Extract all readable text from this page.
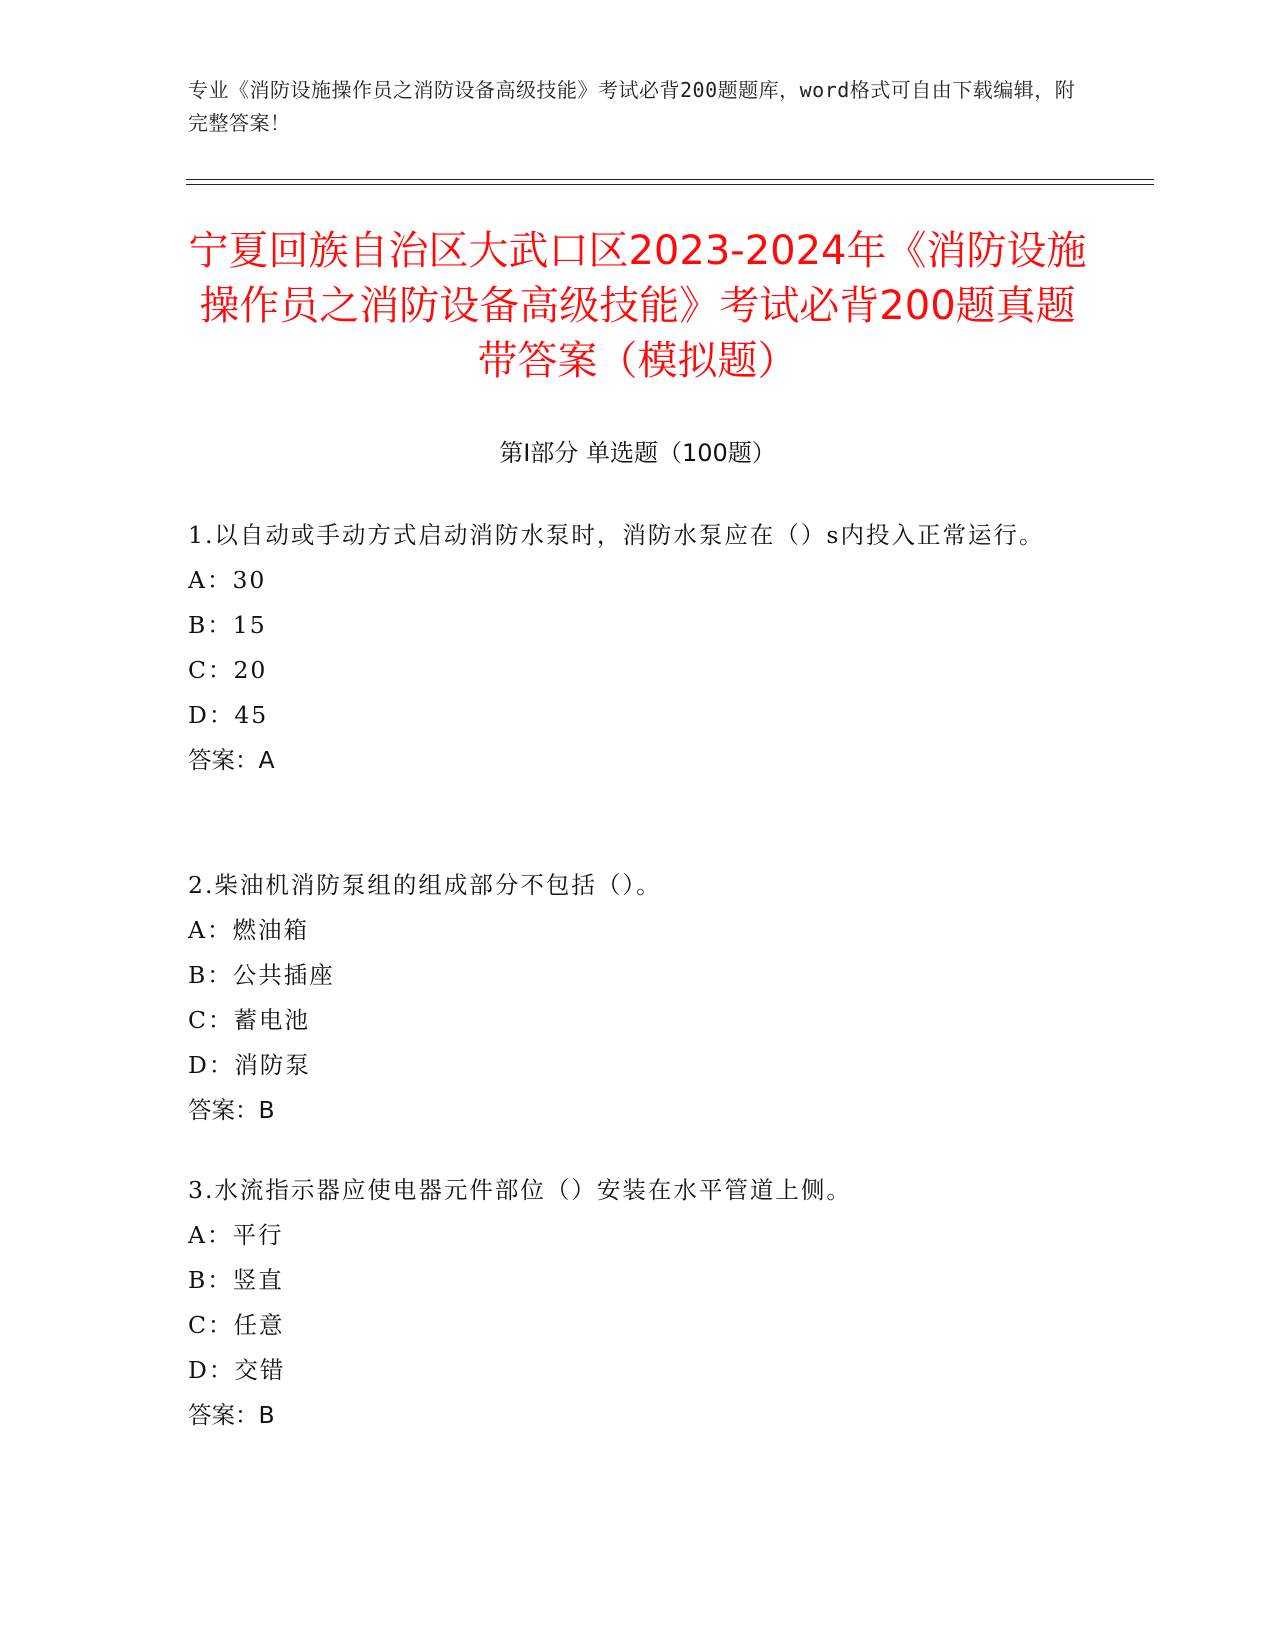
专业《消防设施操作员之消防设备高级技能》考试必背200题题库，word格式可自由下载编辑，附完整答案！

宁夏回族自治区大武口区2023-2024年《消防设施操作员之消防设备高级技能》考试必背200题真题带答案（模拟题）
第Ⅰ部分 单选题（100题）

1.以自动或手动方式启动消防水泵时，消防水泵应在（）s内投入正常运行。

A：30
B：15
C：20
D：45

答案：A

2.柴油机消防泵组的组成部分不包括（）。

A：燃油箱
B：公共插座
C：蓄电池
D：消防泵

答案：B

3.水流指示器应使电器元件部位（）安装在水平管道上侧。

A：平行
B：竖直
C：任意
D：交错

答案：B
